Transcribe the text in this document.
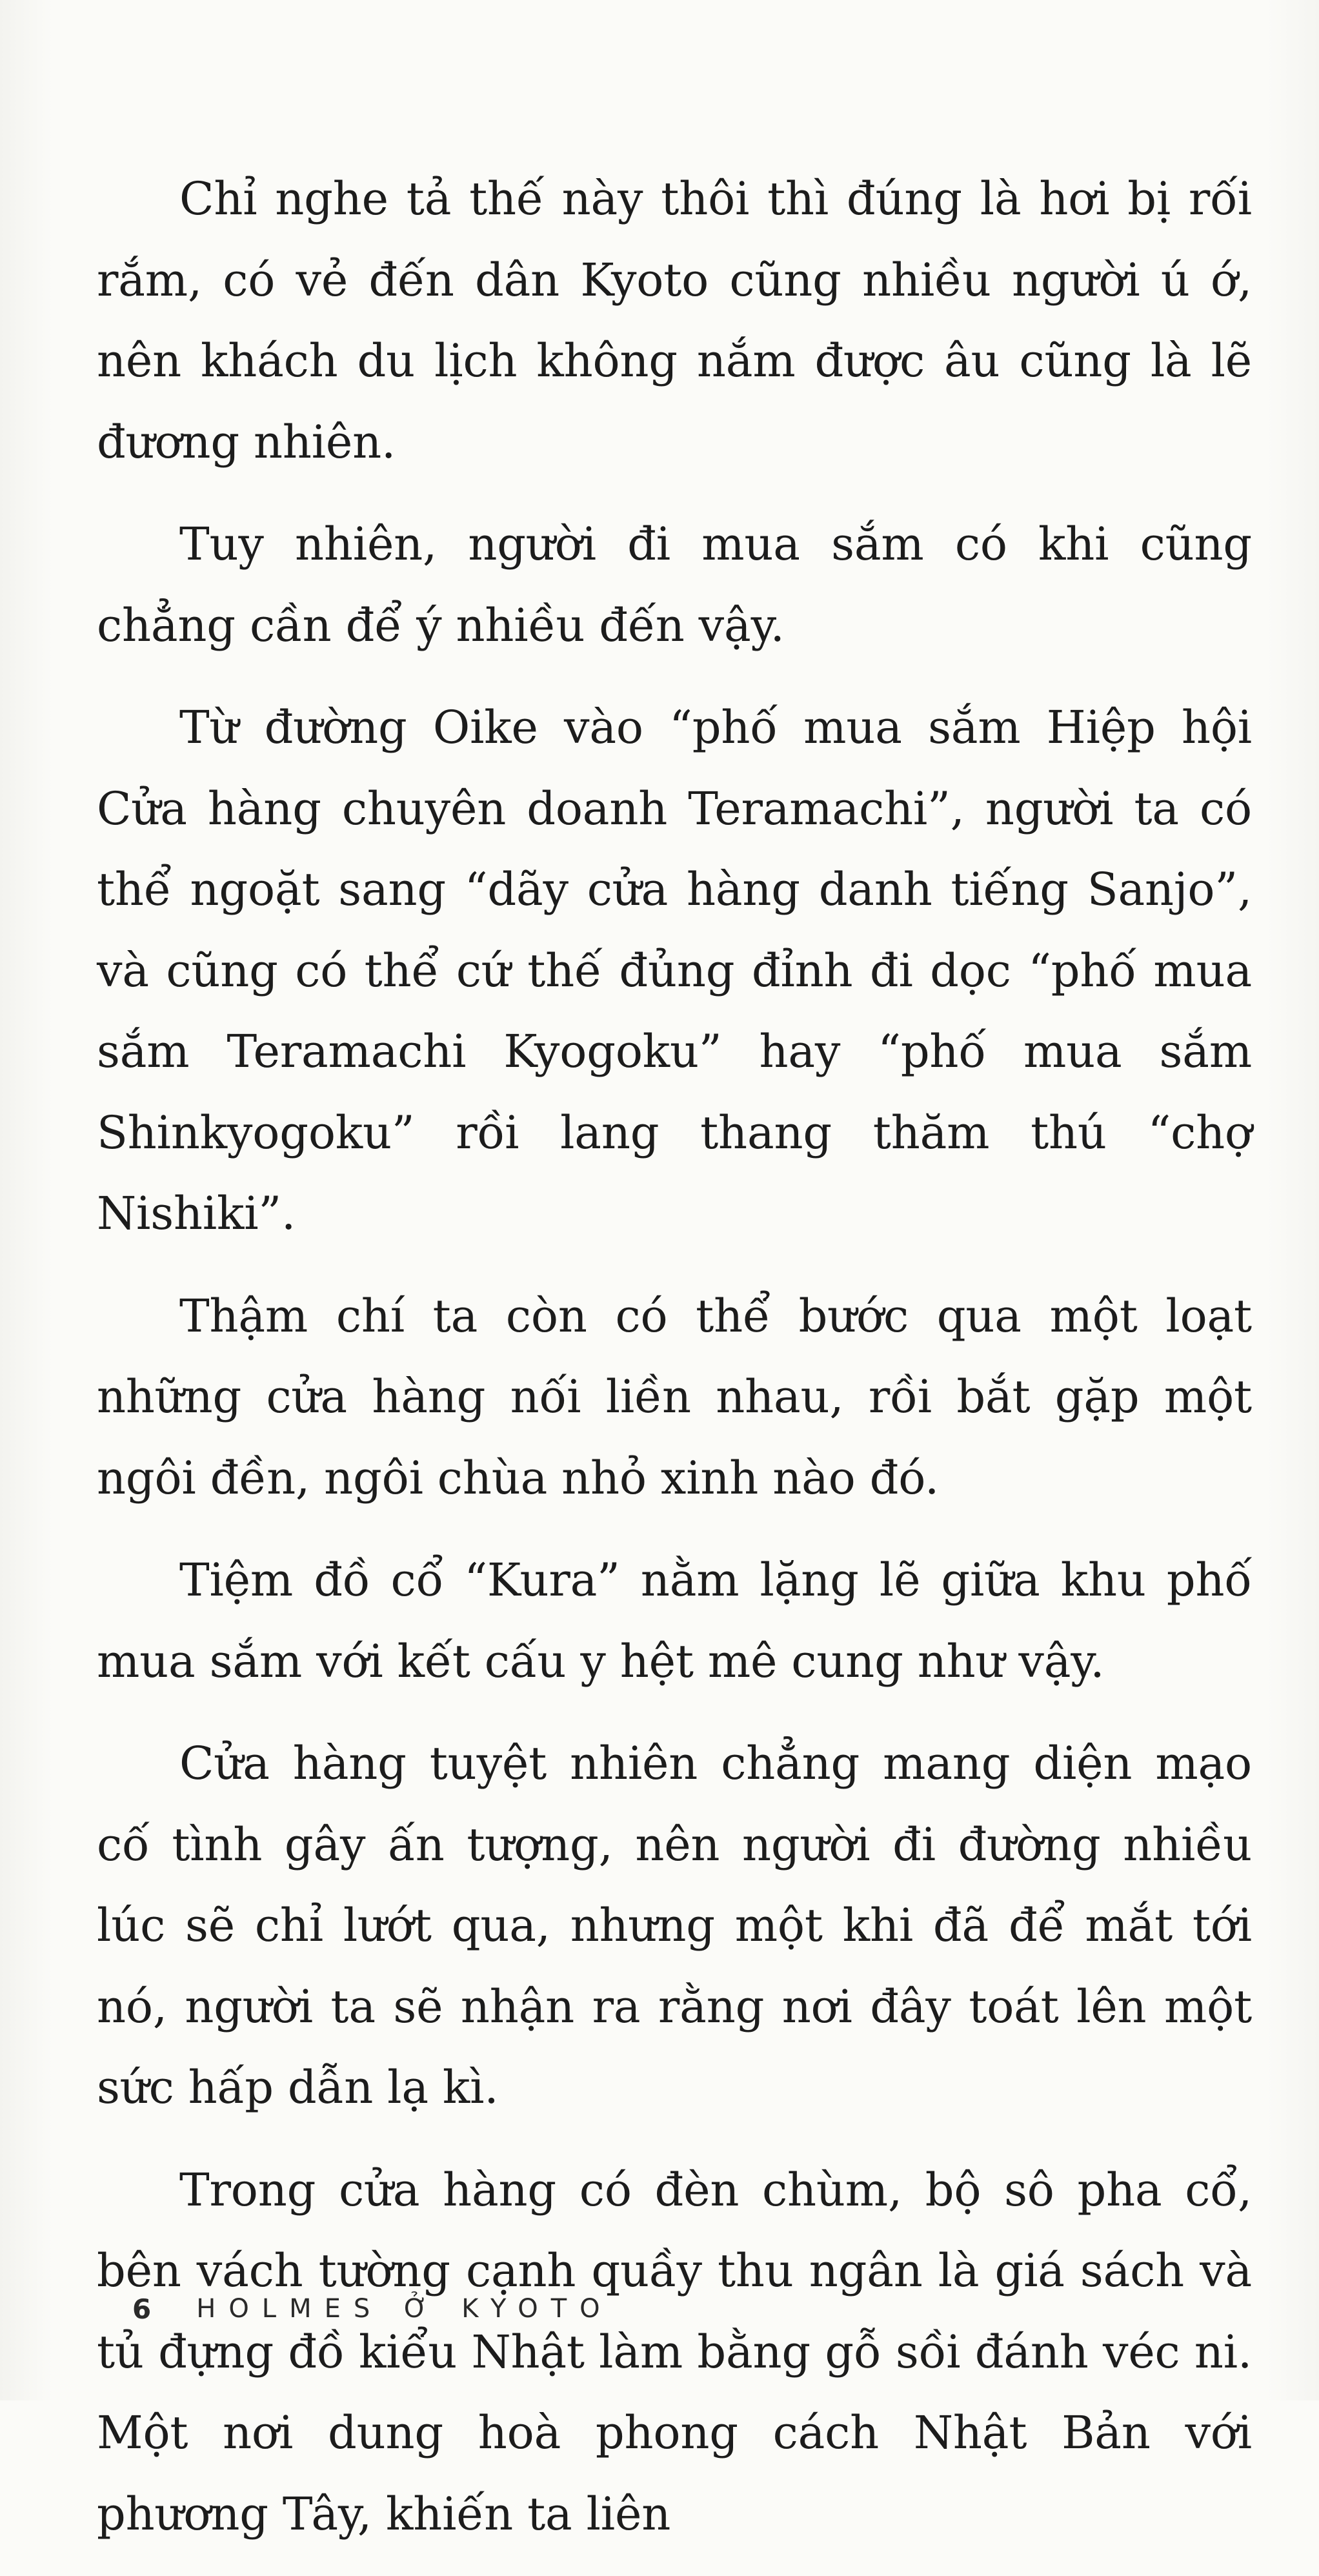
Chỉ nghe tả thế này thôi thì đúng là hơi bị rối rắm, có vẻ đến dân Kyoto cũng nhiều người ú ớ, nên khách du lịch không nắm được âu cũng là lẽ đương nhiên.

Tuy nhiên, người đi mua sắm có khi cũng chẳng cần để ý nhiều đến vậy.

Từ đường Oike vào “phố mua sắm Hiệp hội Cửa hàng chuyên doanh Teramachi”, người ta có thể ngoặt sang “dãy cửa hàng danh tiếng Sanjo”, và cũng có thể cứ thế đủng đỉnh đi dọc “phố mua sắm Teramachi Kyogoku” hay “phố mua sắm Shinkyogoku” rồi lang thang thăm thú “chợ Nishiki”.

Thậm chí ta còn có thể bước qua một loạt những cửa hàng nối liền nhau, rồi bắt gặp một ngôi đền, ngôi chùa nhỏ xinh nào đó.

Tiệm đồ cổ “Kura” nằm lặng lẽ giữa khu phố mua sắm với kết cấu y hệt mê cung như vậy.

Cửa hàng tuyệt nhiên chẳng mang diện mạo cố tình gây ấn tượng, nên người đi đường nhiều lúc sẽ chỉ lướt qua, nhưng một khi đã để mắt tới nó, người ta sẽ nhận ra rằng nơi đây toát lên một sức hấp dẫn lạ kì.

Trong cửa hàng có đèn chùm, bộ sô pha cổ, bên vách tường cạnh quầy thu ngân là giá sách và tủ đựng đồ kiểu Nhật làm bằng gỗ sồi đánh véc ni. Một nơi dung hoà phong cách Nhật Bản với phương Tây, khiến ta liên

6 HOLMES Ở KYOTO
